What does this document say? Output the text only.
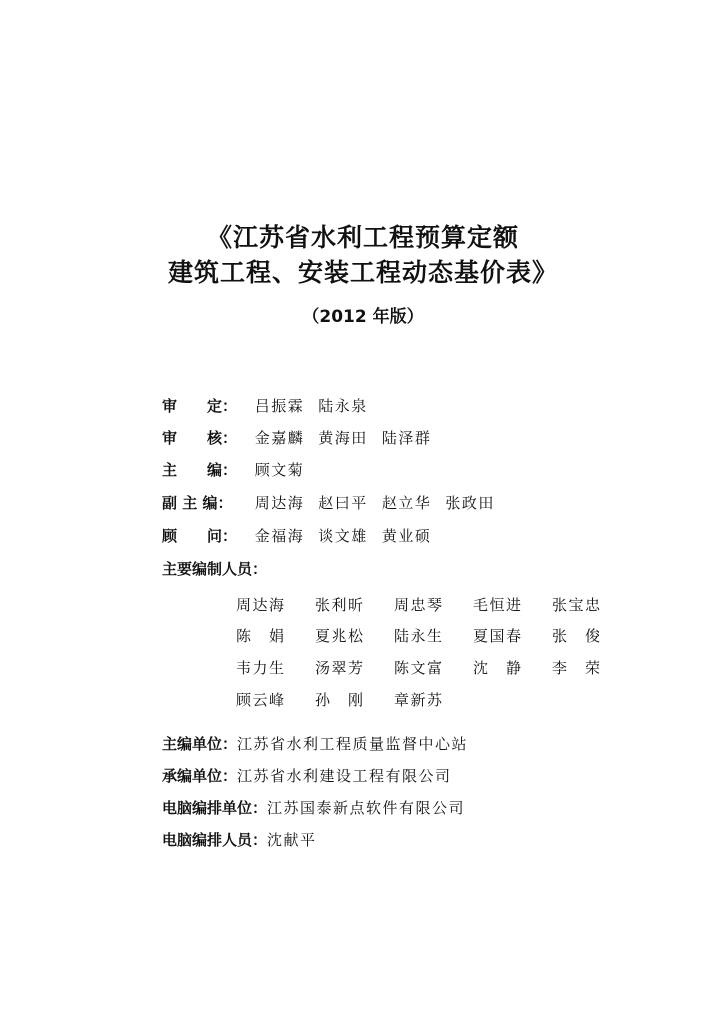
《江苏省水利工程预算定额
建筑工程、安装工程动态基价表》
（2012 年版）
审　　定： 吕振霖 陆永泉
审　　核： 金嘉麟 黄海田 陆泽群
主　　编： 顾文菊
副 主 编： 周达海 赵曰平 赵立华 张政田
顾　　问： 金福海 谈文雄 黄业硕
主要编制人员：
周达海 张利昕 周忠琴 毛恒进 张宝忠
陈　娟 夏兆松 陆永生 夏国春 张　俊
韦力生 汤翠芳 陈文富 沈　静 李　荣
顾云峰 孙　刚 章新苏
主编单位：江苏省水利工程质量监督中心站
承编单位：江苏省水利建设工程有限公司
电脑编排单位：江苏国泰新点软件有限公司
电脑编排人员：沈献平
